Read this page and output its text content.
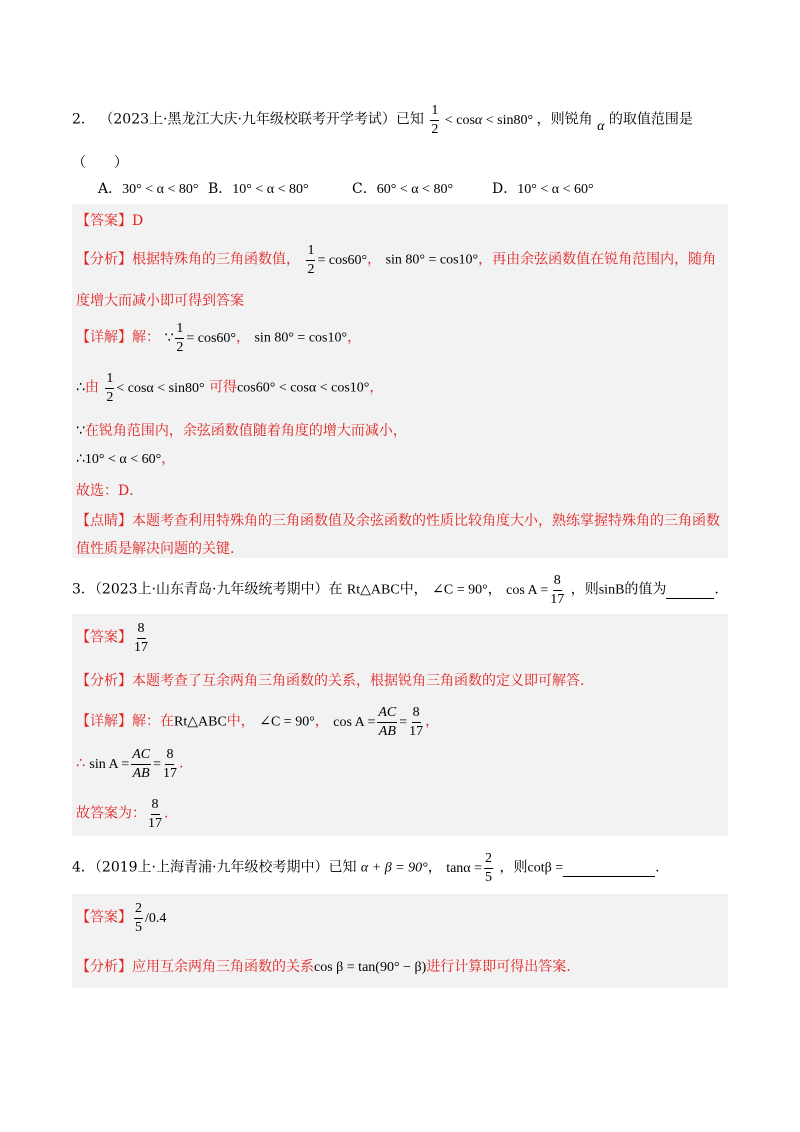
2． （2023上·黑龙江大庆·九年级校联考开学考试）已知 $\frac{1}{2} < \cos\alpha < \sin 80^\circ$ ，则锐角 α 的取值范围是
（　　）
A．30° < α < 80° B．10° < α < 80°	C．60° < α < 80°	D．10° < α < 60°
【答案】D
【分析】根据特殊角的三角函数值， $\frac{1}{2} = \cos 60^\circ$， sin 80° = cos10°，再由余弦函数值在锐角范围内，随角
度增大而减小即可得到答案
【详解】解： ∵ $\frac{1}{2} = \cos 60^\circ$， sin 80° = cos10°，
∴由 $\frac{1}{2} < \cos\alpha < \sin 80^\circ$ 可得cos60° < cosα < cos10°，
∵在锐角范围内，余弦函数值随着角度的增大而减小，
∴10° < α < 60°，
故选：D．
【点睛】本题考查利用特殊角的三角函数值及余弦函数的性质比较角度大小，熟练掌握特殊角的三角函数
值性质是解决问题的关键.
3．（2023上·山东青岛·九年级统考期中）在 Rt△ABC中， ∠C = 90°， $\cos A = \frac{8}{17}$ ，则sinB的值为	.
【答案】 $\frac{8}{17}$
【分析】本题考查了互余两角三角函数的关系，根据锐角三角函数的定义即可解答.
【详解】解：在Rt△ABC中， ∠C = 90°， $\cos A = \frac{AC}{AB} = \frac{8}{17}$ ，
∴ $\sin A = \frac{AC}{AB} = \frac{8}{17}$ .
故答案为： $\frac{8}{17}$ .
4．（2019上·上海青浦·九年级校考期中）已知 α + β = 90°， $\tan\alpha = \frac{2}{5}$ ，则cotβ =	.
【答案】 $\frac{2}{5} /0.4$
【分析】应用互余两角三角函数的关系cos β = tan(90° − β)进行计算即可得出答案.
